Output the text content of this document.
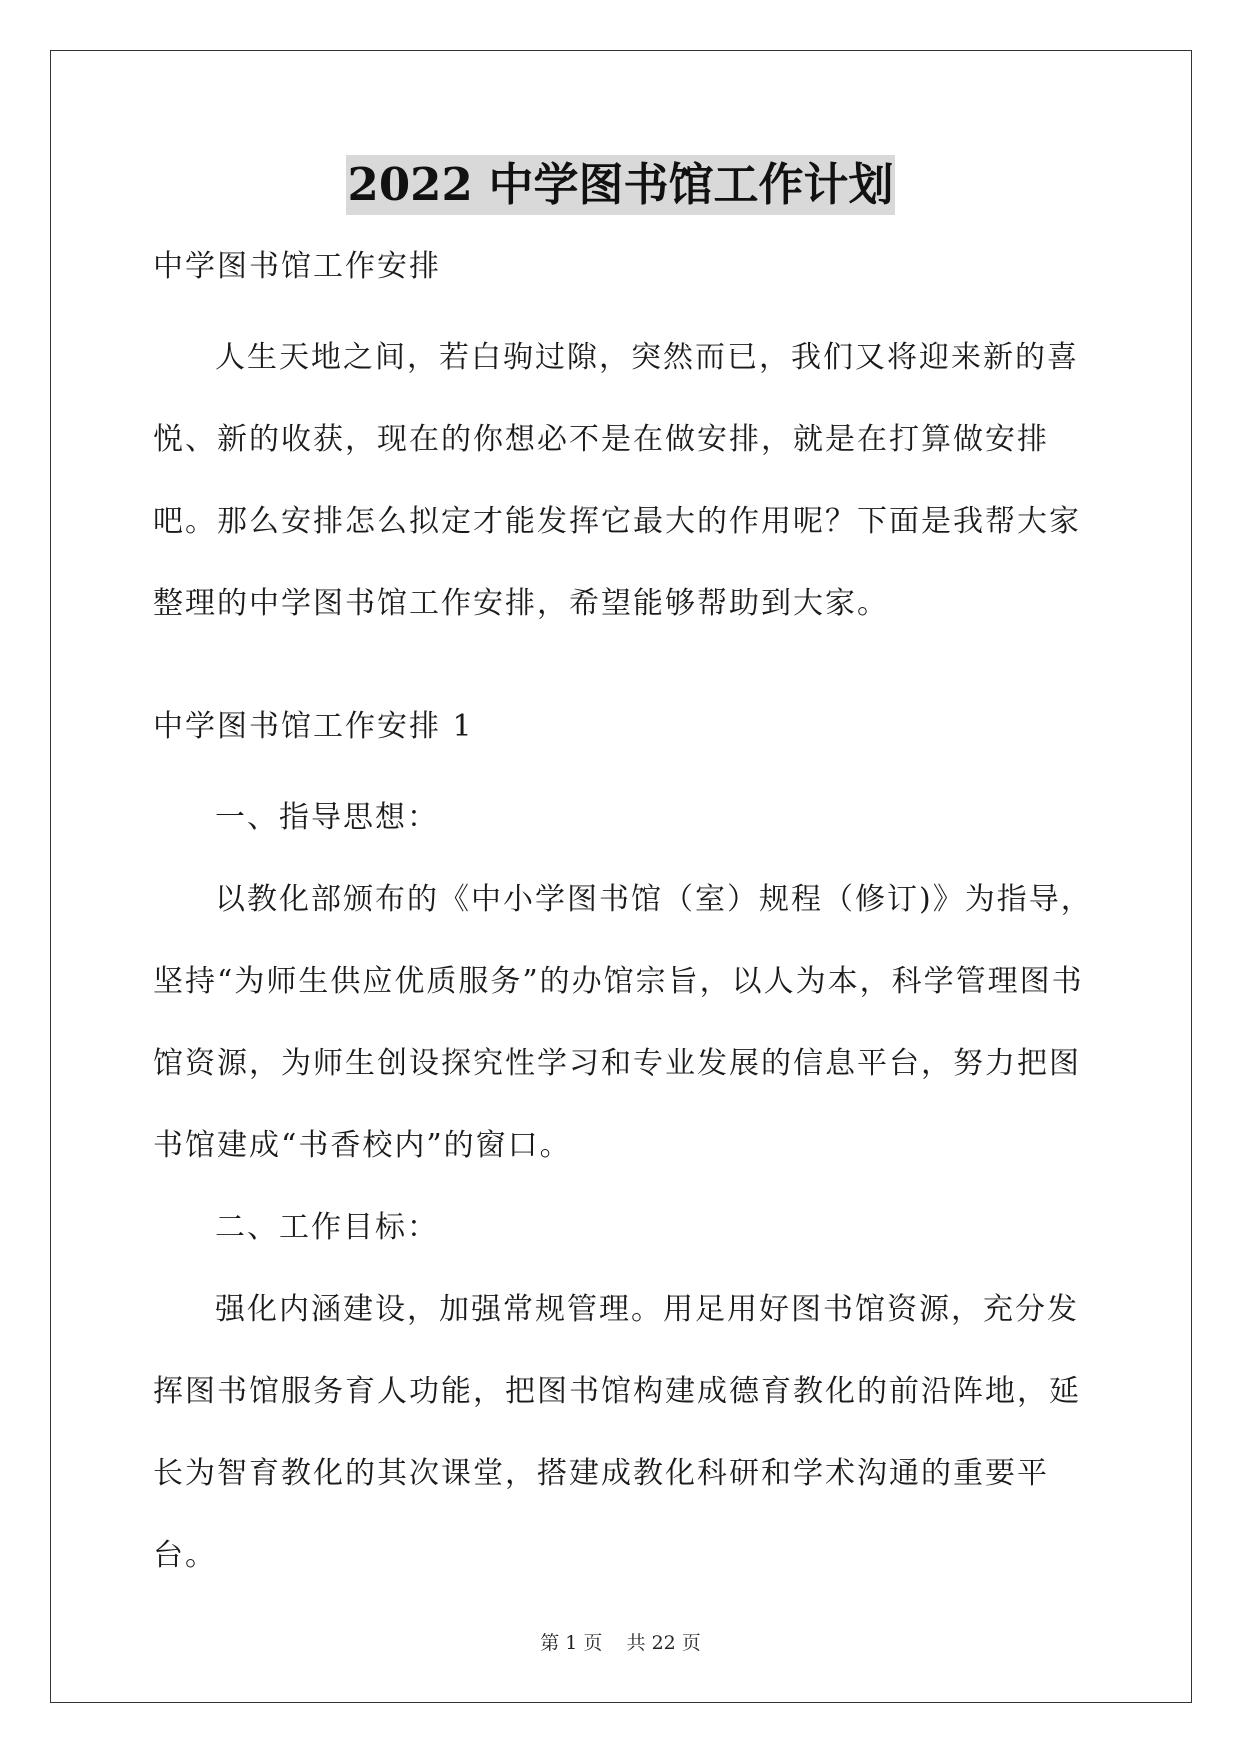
2022 中学图书馆工作计划

中学图书馆工作安排

人生天地之间，若白驹过隙，突然而已，我们又将迎来新的喜悦、新的收获，现在的你想必不是在做安排，就是在打算做安排吧。那么安排怎么拟定才能发挥它最大的作用呢？下面是我帮大家整理的中学图书馆工作安排，希望能够帮助到大家。

中学图书馆工作安排 1

一、指导思想：

以教化部颁布的《中小学图书馆（室）规程（修订)》为指导，坚持“为师生供应优质服务”的办馆宗旨，以人为本，科学管理图书馆资源，为师生创设探究性学习和专业发展的信息平台，努力把图书馆建成“书香校内”的窗口。

二、工作目标：

强化内涵建设，加强常规管理。用足用好图书馆资源，充分发挥图书馆服务育人功能，把图书馆构建成德育教化的前沿阵地，延长为智育教化的其次课堂，搭建成教化科研和学术沟通的重要平台。

第 1 页    共 22 页
